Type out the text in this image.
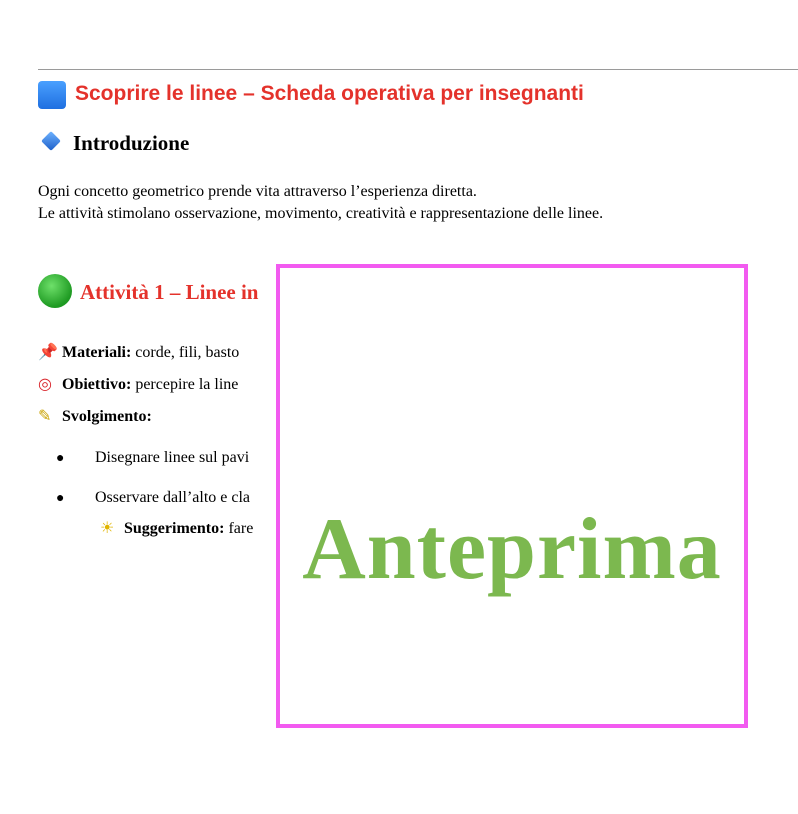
Scoprire le linee – Scheda operativa per insegnanti
Introduzione
Ogni concetto geometrico prende vita attraverso l’esperienza diretta.
Le attività stimolano osservazione, movimento, creatività e rappresentazione delle linee.
Attività 1 – Linee in
📌 Materiali: corde, fili, basto
◎ Obiettivo: percepire la line
✎ Svolgimento:
● Disegnare linee sul pavi
● Osservare dall’alto e cla
☀ Suggerimento: fare Anteprima
